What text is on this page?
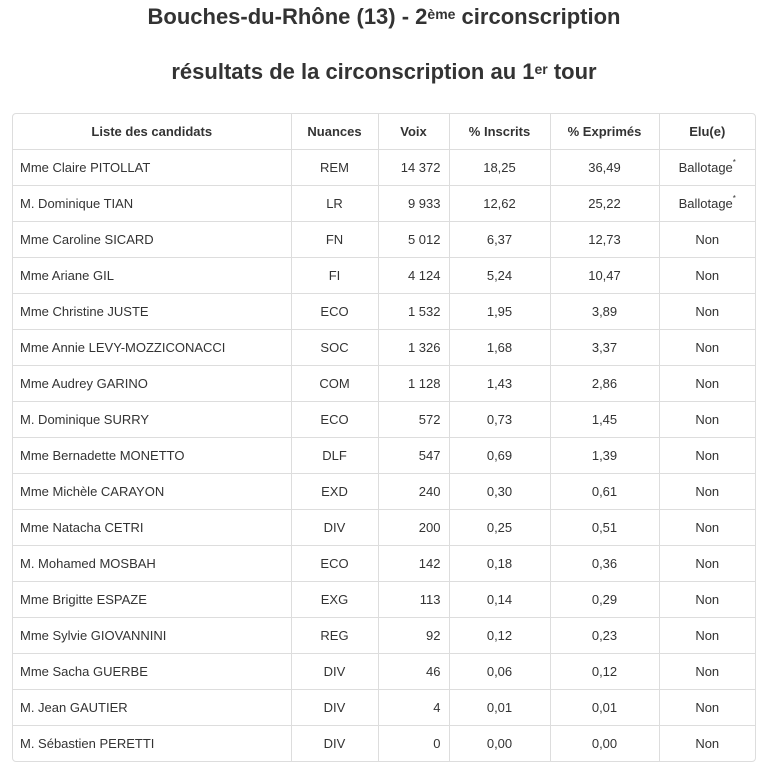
Bouches-du-Rhône (13) - 2ème circonscription
résultats de la circonscription au 1er tour
Liste des candidats	Nuances	Voix	% Inscrits	% Exprimés	Elu(e)
Mme Claire PITOLLAT	REM	14 372	18,25	36,49	Ballotage*
M. Dominique TIAN	LR	9 933	12,62	25,22	Ballotage*
Mme Caroline SICARD	FN	5 012	6,37	12,73	Non
Mme Ariane GIL	FI	4 124	5,24	10,47	Non
Mme Christine JUSTE	ECO	1 532	1,95	3,89	Non
Mme Annie LEVY-MOZZICONACCI	SOC	1 326	1,68	3,37	Non
Mme Audrey GARINO	COM	1 128	1,43	2,86	Non
M. Dominique SURRY	ECO	572	0,73	1,45	Non
Mme Bernadette MONETTO	DLF	547	0,69	1,39	Non
Mme Michèle CARAYON	EXD	240	0,30	0,61	Non
Mme Natacha CETRI	DIV	200	0,25	0,51	Non
M. Mohamed MOSBAH	ECO	142	0,18	0,36	Non
Mme Brigitte ESPAZE	EXG	113	0,14	0,29	Non
Mme Sylvie GIOVANNINI	REG	92	0,12	0,23	Non
Mme Sacha GUERBE	DIV	46	0,06	0,12	Non
M. Jean GAUTIER	DIV	4	0,01	0,01	Non
M. Sébastien PERETTI	DIV	0	0,00	0,00	Non
